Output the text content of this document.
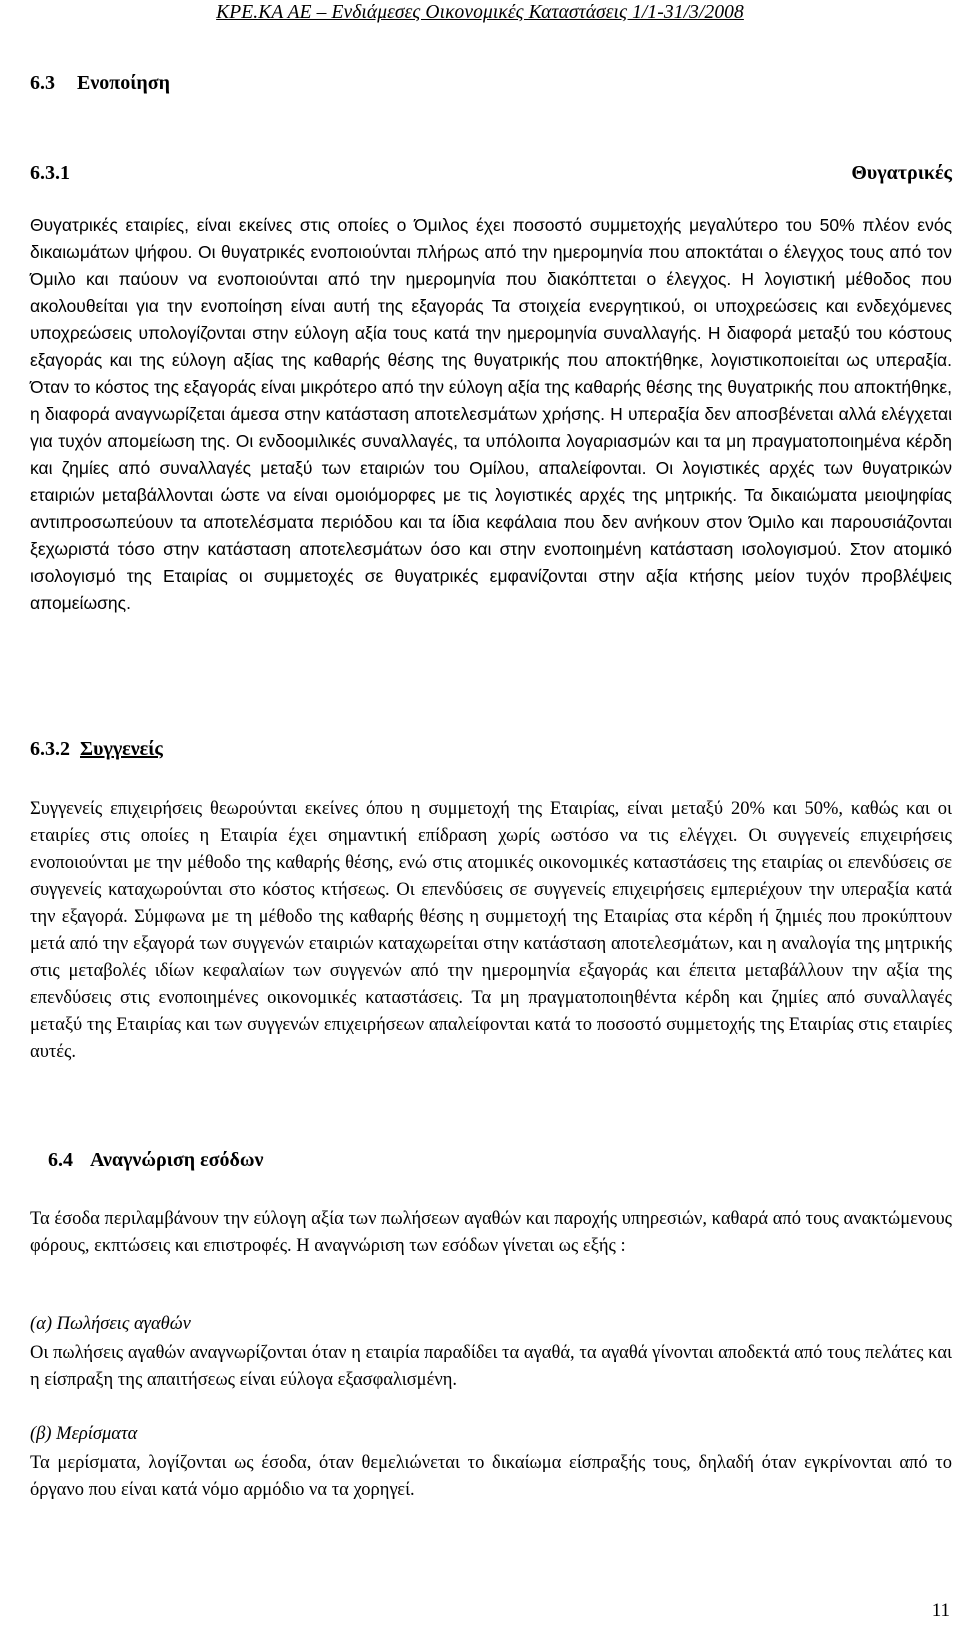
ΚΡΕ.ΚΑ ΑΕ – Ενδιάμεσες Οικονομικές Καταστάσεις 1/1-31/3/2008
6.3 Ενοποίηση
6.3.1	Θυγατρικές

Θυγατρικές εταιρίες, είναι εκείνες στις οποίες ο Όμιλος έχει ποσοστό συμμετοχής μεγαλύτερο του 50% πλέον ενός δικαιωμάτων ψήφου. Οι θυγατρικές ενοποιούνται πλήρως από την ημερομηνία που αποκτάται ο έλεγχος τους από τον Όμιλο και παύουν να ενοποιούνται από την ημερομηνία που διακόπτεται ο έλεγχος. Η λογιστική μέθοδος που ακολουθείται για την ενοποίηση είναι αυτή της εξαγοράς Τα στοιχεία ενεργητικού, οι υποχρεώσεις και ενδεχόμενες υποχρεώσεις υπολογίζονται στην εύλογη αξία τους κατά την ημερομηνία συναλλαγής. Η διαφορά μεταξύ του κόστους εξαγοράς και της εύλογη αξίας της καθαρής θέσης της θυγατρικής που αποκτήθηκε, λογιστικοποιείται ως υπεραξία. Όταν το κόστος της εξαγοράς είναι μικρότερο από την εύλογη αξία της καθαρής θέσης της θυγατρικής που αποκτήθηκε, η διαφορά αναγνωρίζεται άμεσα στην κατάσταση αποτελεσμάτων χρήσης. Η υπεραξία δεν αποσβένεται αλλά ελέγχεται για τυχόν απομείωση της. Οι ενδοομιλικές συναλλαγές, τα υπόλοιπα λογαριασμών και τα μη πραγματοποιημένα κέρδη και ζημίες από συναλλαγές μεταξύ των εταιριών του Ομίλου, απαλείφονται. Οι λογιστικές αρχές των θυγατρικών εταιριών μεταβάλλονται ώστε να είναι ομοιόμορφες με τις λογιστικές αρχές της μητρικής. Τα δικαιώματα μειοψηφίας αντιπροσωπεύουν τα αποτελέσματα περιόδου και τα ίδια κεφάλαια που δεν ανήκουν στον Όμιλο και παρουσιάζονται ξεχωριστά τόσο στην κατάσταση αποτελεσμάτων όσο και στην ενοποιημένη κατάσταση ισολογισμού. Στον ατομικό ισολογισμό της Εταιρίας οι συμμετοχές σε θυγατρικές εμφανίζονται στην αξία κτήσης μείον τυχόν προβλέψεις απομείωσης.

6.3.2 Συγγενείς

Συγγενείς επιχειρήσεις θεωρούνται εκείνες όπου η συμμετοχή της Εταιρίας, είναι μεταξύ 20% και 50%, καθώς και οι εταιρίες στις οποίες η Εταιρία έχει σημαντική επίδραση χωρίς ωστόσο να τις ελέγχει. Οι συγγενείς επιχειρήσεις ενοποιούνται με την μέθοδο της καθαρής θέσης, ενώ στις ατομικές οικονομικές καταστάσεις της εταιρίας οι επενδύσεις σε συγγενείς καταχωρούνται στο κόστος κτήσεως. Οι επενδύσεις σε συγγενείς επιχειρήσεις εμπεριέχουν την υπεραξία κατά την εξαγορά. Σύμφωνα με τη μέθοδο της καθαρής θέσης η συμμετοχή της Εταιρίας στα κέρδη ή ζημιές που προκύπτουν μετά από την εξαγορά των συγγενών εταιριών καταχωρείται στην κατάσταση αποτελεσμάτων, και η αναλογία της μητρικής στις μεταβολές ιδίων κεφαλαίων των συγγενών από την ημερομηνία εξαγοράς και έπειτα μεταβάλλουν την αξία της επενδύσεις στις ενοποιημένες οικονομικές καταστάσεις. Τα μη πραγματοποιηθέντα κέρδη και ζημίες από συναλλαγές μεταξύ της Εταιρίας και των συγγενών επιχειρήσεων απαλείφονται κατά το ποσοστό συμμετοχής της Εταιρίας στις εταιρίες αυτές.

6.4 Αναγνώριση εσόδων

Τα έσοδα περιλαμβάνουν την εύλογη αξία των πωλήσεων αγαθών και παροχής υπηρεσιών, καθαρά από τους ανακτώμενους φόρους, εκπτώσεις και επιστροφές. Η αναγνώριση των εσόδων γίνεται ως εξής :

(α) Πωλήσεις αγαθών

Οι πωλήσεις αγαθών αναγνωρίζονται όταν η εταιρία παραδίδει τα αγαθά, τα αγαθά γίνονται αποδεκτά από τους πελάτες και η είσπραξη της απαιτήσεως είναι εύλογα εξασφαλισμένη.

(β) Μερίσματα

Τα μερίσματα, λογίζονται ως έσοδα, όταν θεμελιώνεται το δικαίωμα είσπραξής τους, δηλαδή όταν εγκρίνονται από το όργανο που είναι κατά νόμο αρμόδιο να τα χορηγεί.

11
